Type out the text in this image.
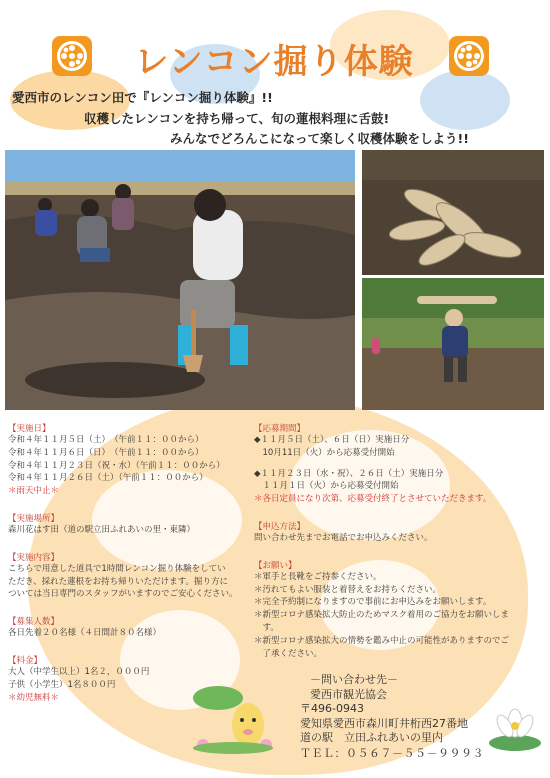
レンコン掘り体験
愛西市のレンコン田で『レンコン掘り体験』!!
収穫したレンコンを持ち帰って、旬の蓮根料理に舌鼓!
みんなでどろんこになって楽しく収穫体験をしよう!!
【実施日】
令和４年１１月５日（土）　（午前１１：００から）
令和４年１１月６日（日）　（午前１１：００から）
令和４年１１月２３日（祝・水）（午前１１：００から）
令和４年１１月２６日（土）（午前１１：００から）
＊雨天中止＊
【実施場所】
森川花はす田（道の駅立田ふれあいの里・東隣）
【実施内容】
こちらで用意した道具で1時間レンコン掘り体験をしてい
ただき、採れた蓮根をお持ち帰りいただけます。掘り方に
ついては当日専門のスタッフがいますのでご安心ください。
【募集人数】
各日先着２０名様（４日間計８０名様）
【料金】
大人（中学生以上）1名２，０００円
子供（小学生）1名８００円
＊幼児無料＊
【応募期間】
◆１１月５日（土）、６日（日）実施日分
　10月11日（火）から応募受付開始
◆１１月２３日（水・祝）、２６日（土）実施日分
　１１月１日（火）から応募受付開始
＊各日定員になり次第、応募受付終了とさせていただきます。
【申込方法】
問い合わせ先までお電話でお申込みください。
【お願い】
＊軍手と長靴をご持参ください。
＊汚れてもよい服装と着替えをお持ちください。
＊完全予約制になりますので事前にお申込みをお願いします。
＊新型コロナ感染拡大防止のためマスク着用のご協力をお願いしま
　す。
＊新型コロナ感染拡大の情勢を鑑み中止の可能性がありますのでご
　了承ください。
－問い合わせ先－
愛西市観光協会
〒496-0943
愛知県愛西市森川町井桁西27番地
道の駅　立田ふれあいの里内
ＴＥＬ：０５６７－５５－９９９３
